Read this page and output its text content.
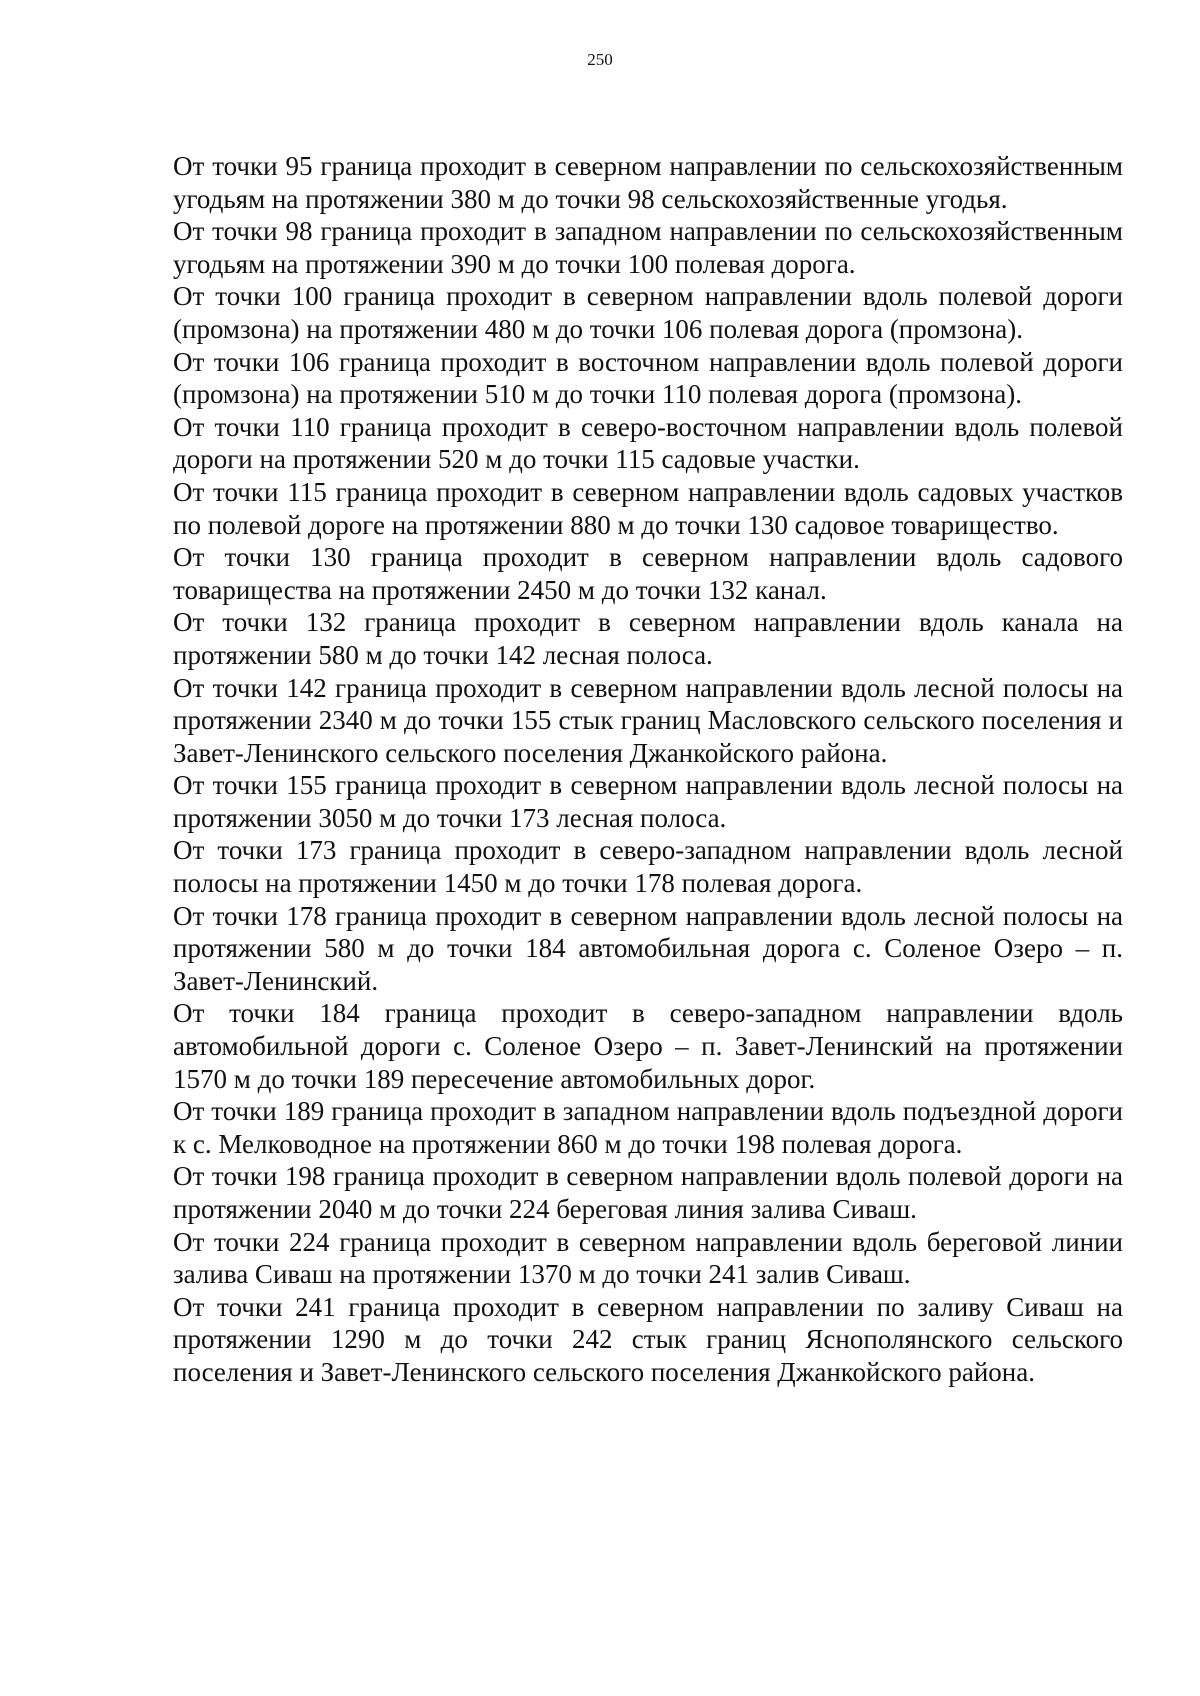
250

От точки 95 граница проходит в северном направлении по сельскохозяйственным угодьям на протяжении 380 м до точки 98 сельскохозяйственные угодья.

От точки 98 граница проходит в западном направлении по сельскохозяйственным угодьям на протяжении 390 м до точки 100 полевая дорога.

От точки 100 граница проходит в северном направлении вдоль полевой дороги (промзона) на протяжении 480 м до точки 106 полевая дорога (промзона).

От точки 106 граница проходит в восточном направлении вдоль полевой дороги (промзона) на протяжении 510 м до точки 110 полевая дорога (промзона).

От точки 110 граница проходит в северо-восточном направлении вдоль полевой дороги на протяжении 520 м до точки 115 садовые участки.

От точки 115 граница проходит в северном направлении вдоль садовых участков по полевой дороге на протяжении 880 м до точки 130 садовое товарищество.

От точки 130 граница проходит в северном направлении вдоль садового товарищества на протяжении 2450 м до точки 132 канал.

От точки 132 граница проходит в северном направлении вдоль канала на протяжении 580 м до точки 142 лесная полоса.

От точки 142 граница проходит в северном направлении вдоль лесной полосы на протяжении 2340 м до точки 155 стык границ Масловского сельского поселения и Завет-Ленинского сельского поселения Джанкойского района.

От точки 155 граница проходит в северном направлении вдоль лесной полосы на протяжении 3050 м до точки 173 лесная полоса.

От точки 173 граница проходит в северо-западном направлении вдоль лесной полосы на протяжении 1450 м до точки 178 полевая дорога.

От точки 178 граница проходит в северном направлении вдоль лесной полосы на протяжении 580 м до точки 184 автомобильная дорога с. Соленое Озеро – п. Завет-Ленинский.

От точки 184 граница проходит в северо-западном направлении вдоль автомобильной дороги с. Соленое Озеро – п. Завет-Ленинский на протяжении 1570 м до точки 189 пересечение автомобильных дорог.

От точки 189 граница проходит в западном направлении вдоль подъездной дороги к с. Мелководное на протяжении 860 м до точки 198 полевая дорога.

От точки 198 граница проходит в северном направлении вдоль полевой дороги на протяжении 2040 м до точки 224 береговая линия залива Сиваш.

От точки 224 граница проходит в северном направлении вдоль береговой линии залива Сиваш на протяжении 1370 м до точки 241 залив Сиваш.

От точки 241 граница проходит в северном направлении по заливу Сиваш на протяжении 1290 м до точки 242 стык границ Яснополянского сельского поселения и Завет-Ленинского сельского поселения Джанкойского района.
